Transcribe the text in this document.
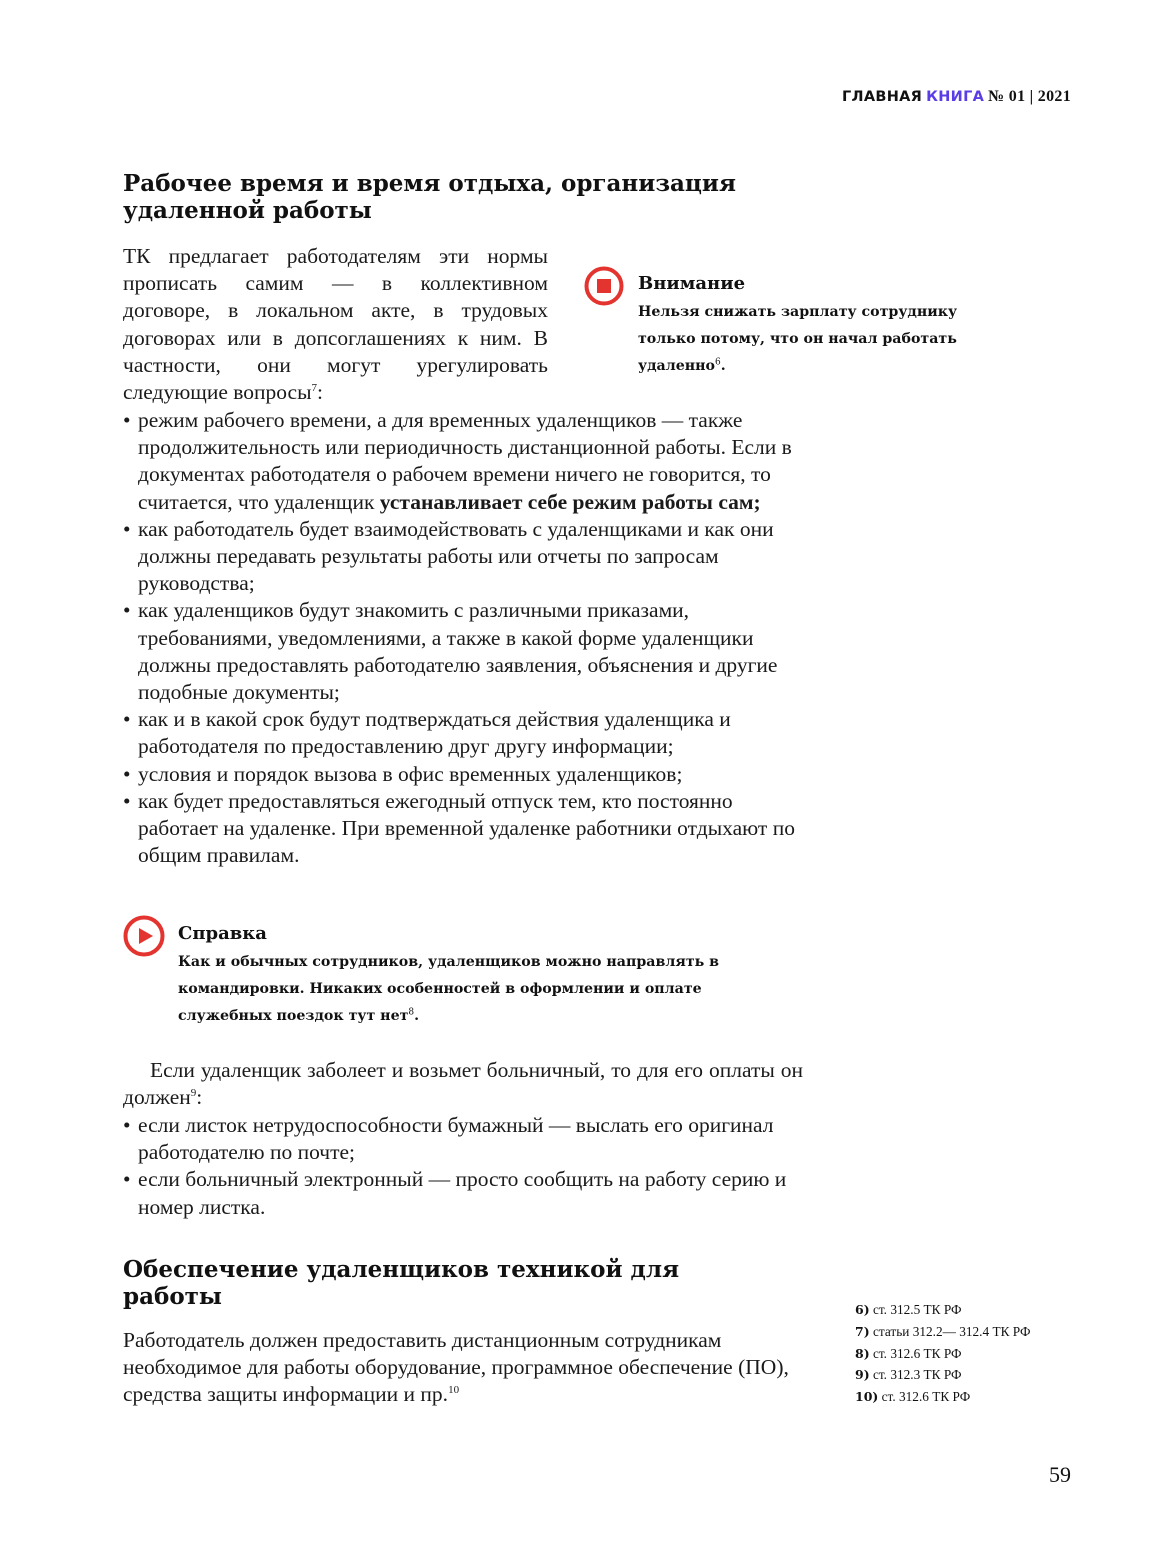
ГЛАВНАЯ КНИГА № 01 | 2021
Рабочее время и время отдыха, организация удаленной работы
ТК предлагает работодателям эти нормы прописать самим — в коллективном договоре, в локальном акте, в трудовых договорах или в допсоглашениях к ним. В частности, они могут урегулировать следующие вопросы$^7$:
Внимание
Нельзя снижать зарплату сотруднику только потому, что он начал работать удаленно$^6$.
• режим рабочего времени, а для временных удаленщиков — также продолжительность или периодичность дистанционной работы. Если в документах работодателя о рабочем времени ничего не говорится, то считается, что удаленщик устанавливает себе режим работы сам;
• как работодатель будет взаимодействовать с удаленщиками и как они должны передавать результаты работы или отчеты по запросам руководства;
• как удаленщиков будут знакомить с различными приказами, требованиями, уведомлениями, а также в какой форме удаленщики должны предоставлять работодателю заявления, объяснения и другие подобные документы;
• как и в какой срок будут подтверждаться действия удаленщика и работодателя по предоставлению друг другу информации;
• условия и порядок вызова в офис временных удаленщиков;
• как будет предоставляться ежегодный отпуск тем, кто постоянно работает на удаленке. При временной удаленке работники отдыхают по общим правилам.
Справка
Как и обычных сотрудников, удаленщиков можно направлять в командировки. Никаких особенностей в оформлении и оплате служебных поездок тут нет$^8$.
Если удаленщик заболеет и возьмет больничный, то для его оплаты он должен$^9$:
• если листок нетрудоспособности бумажный — выслать его оригинал работодателю по почте;
• если больничный электронный — просто сообщить на работу серию и номер листка.
Обеспечение удаленщиков техникой для работы
Работодатель должен предоставить дистанционным сотрудникам необходимое для работы оборудование, программное обеспечение (ПО), средства защиты информации и пр.$^{10}$
6) ст. 312.5 ТК РФ
7) статьи 312.2— 312.4 ТК РФ
8) ст. 312.6 ТК РФ
9) ст. 312.3 ТК РФ
10) ст. 312.6 ТК РФ
59
